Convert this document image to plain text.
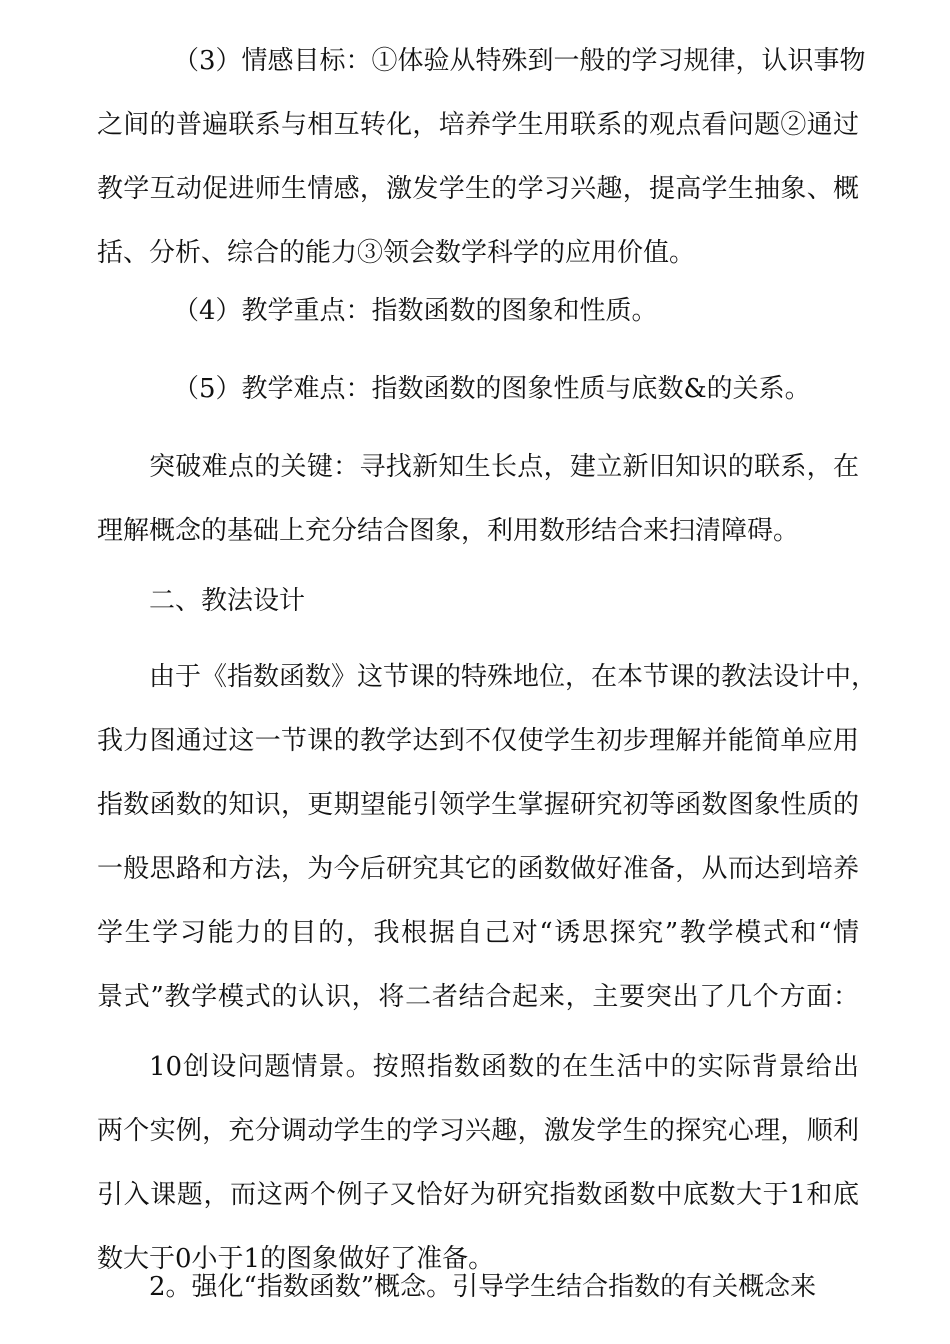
（3）情感目标：①体验从特殊到一般的学习规律，认识事物
之间的普遍联系与相互转化，培养学生用联系的观点看问题②通过
教学互动促进师生情感，激发学生的学习兴趣，提高学生抽象、概
括、分析、综合的能力③领会数学科学的应用价值。
（4）教学重点：指数函数的图象和性质。
（5）教学难点：指数函数的图象性质与底数&的关系。
突破难点的关键：寻找新知生长点，建立新旧知识的联系，在
理解概念的基础上充分结合图象，利用数形结合来扫清障碍。
二、教法设计
由于《指数函数》这节课的特殊地位，在本节课的教法设计中，
我力图通过这一节课的教学达到不仅使学生初步理解并能简单应用
指数函数的知识，更期望能引领学生掌握研究初等函数图象性质的
一般思路和方法，为今后研究其它的函数做好准备，从而达到培养
学生学习能力的目的，我根据自己对“诱思探究”教学模式和“情
景式”教学模式的认识，将二者结合起来，主要突出了几个方面：
10创设问题情景。按照指数函数的在生活中的实际背景给出
两个实例，充分调动学生的学习兴趣，激发学生的探究心理，顺利
引入课题，而这两个例子又恰好为研究指数函数中底数大于1和底
数大于0小于1的图象做好了准备。
2。强化“指数函数”概念。引导学生结合指数的有关概念来
